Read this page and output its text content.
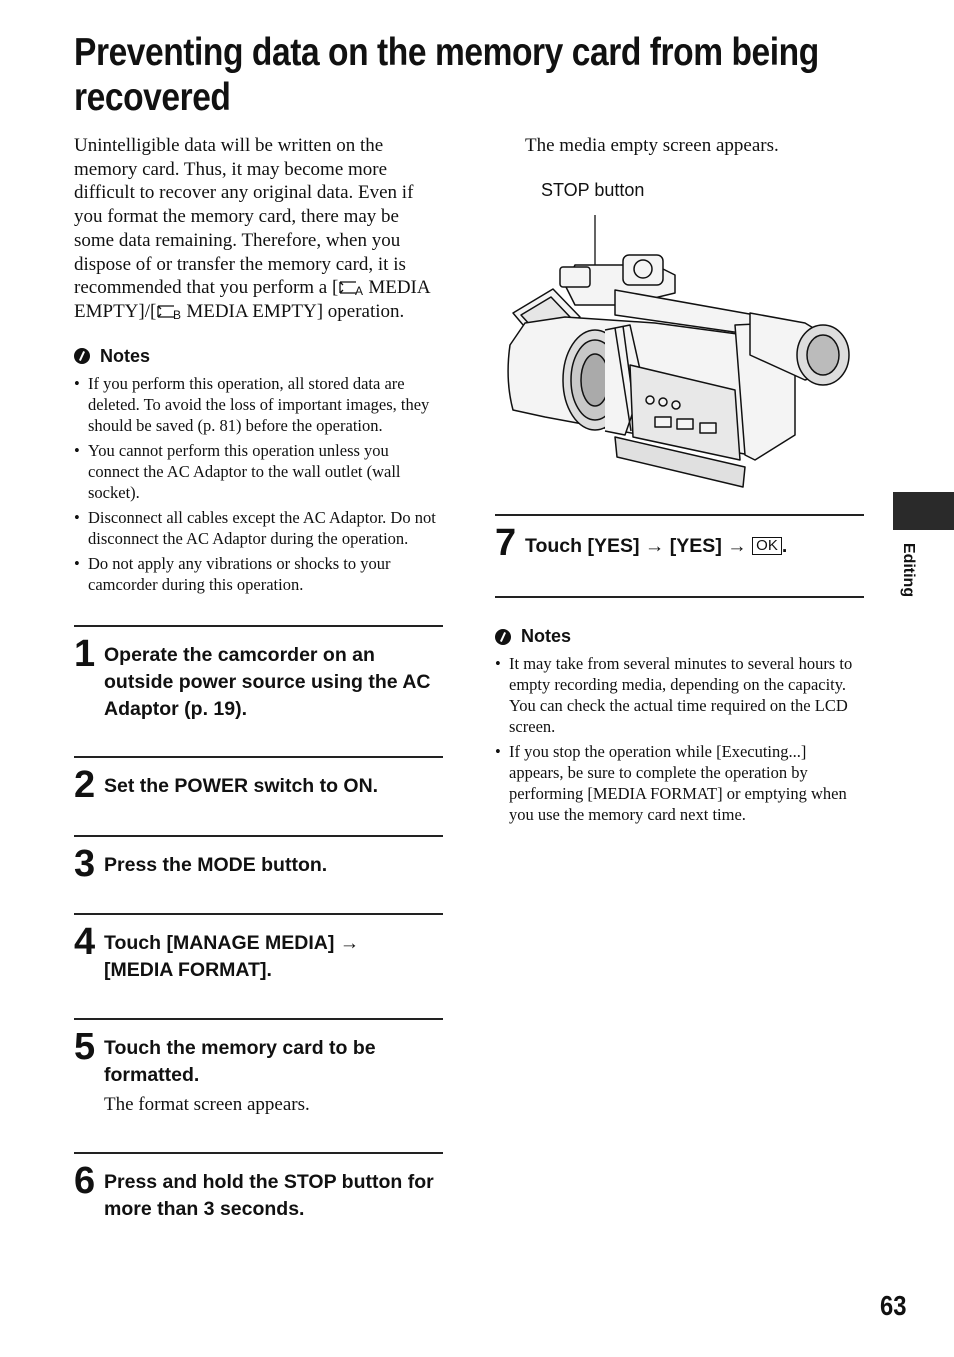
Preventing data on the memory card from being recovered

Unintelligible data will be written on the memory card. Thus, it may become more difficult to recover any original data. Even if you format the memory card, there may be some data remaining. Therefore, when you dispose of or transfer the memory card, it is recommended that you perform a [ A MEDIA EMPTY]/[ B MEDIA EMPTY] operation.

Notes
• If you perform this operation, all stored data are deleted. To avoid the loss of important images, they should be saved (p. 81) before the operation.
• You cannot perform this operation unless you connect the AC Adaptor to the wall outlet (wall socket).
• Disconnect all cables except the AC Adaptor. Do not disconnect the AC Adaptor during the operation.
• Do not apply any vibrations or shocks to your camcorder during this operation.
1 Operate the camcorder on an outside power source using the AC Adaptor (p. 19).
2 Set the POWER switch to ON.
3 Press the MODE button.
4 Touch [MANAGE MEDIA] → [MEDIA FORMAT].
5 Touch the memory card to be formatted.
The format screen appears.
6 Press and hold the STOP button for more than 3 seconds.
The media empty screen appears.
STOP button
7 Touch [YES] → [YES] → OK .
Notes
• It may take from several minutes to several hours to empty recording media, depending on the capacity. You can check the actual time required on the LCD screen.
• If you stop the operation while [Executing...] appears, be sure to complete the operation by performing [MEDIA FORMAT] or emptying when you use the memory card next time.
Editing
63
